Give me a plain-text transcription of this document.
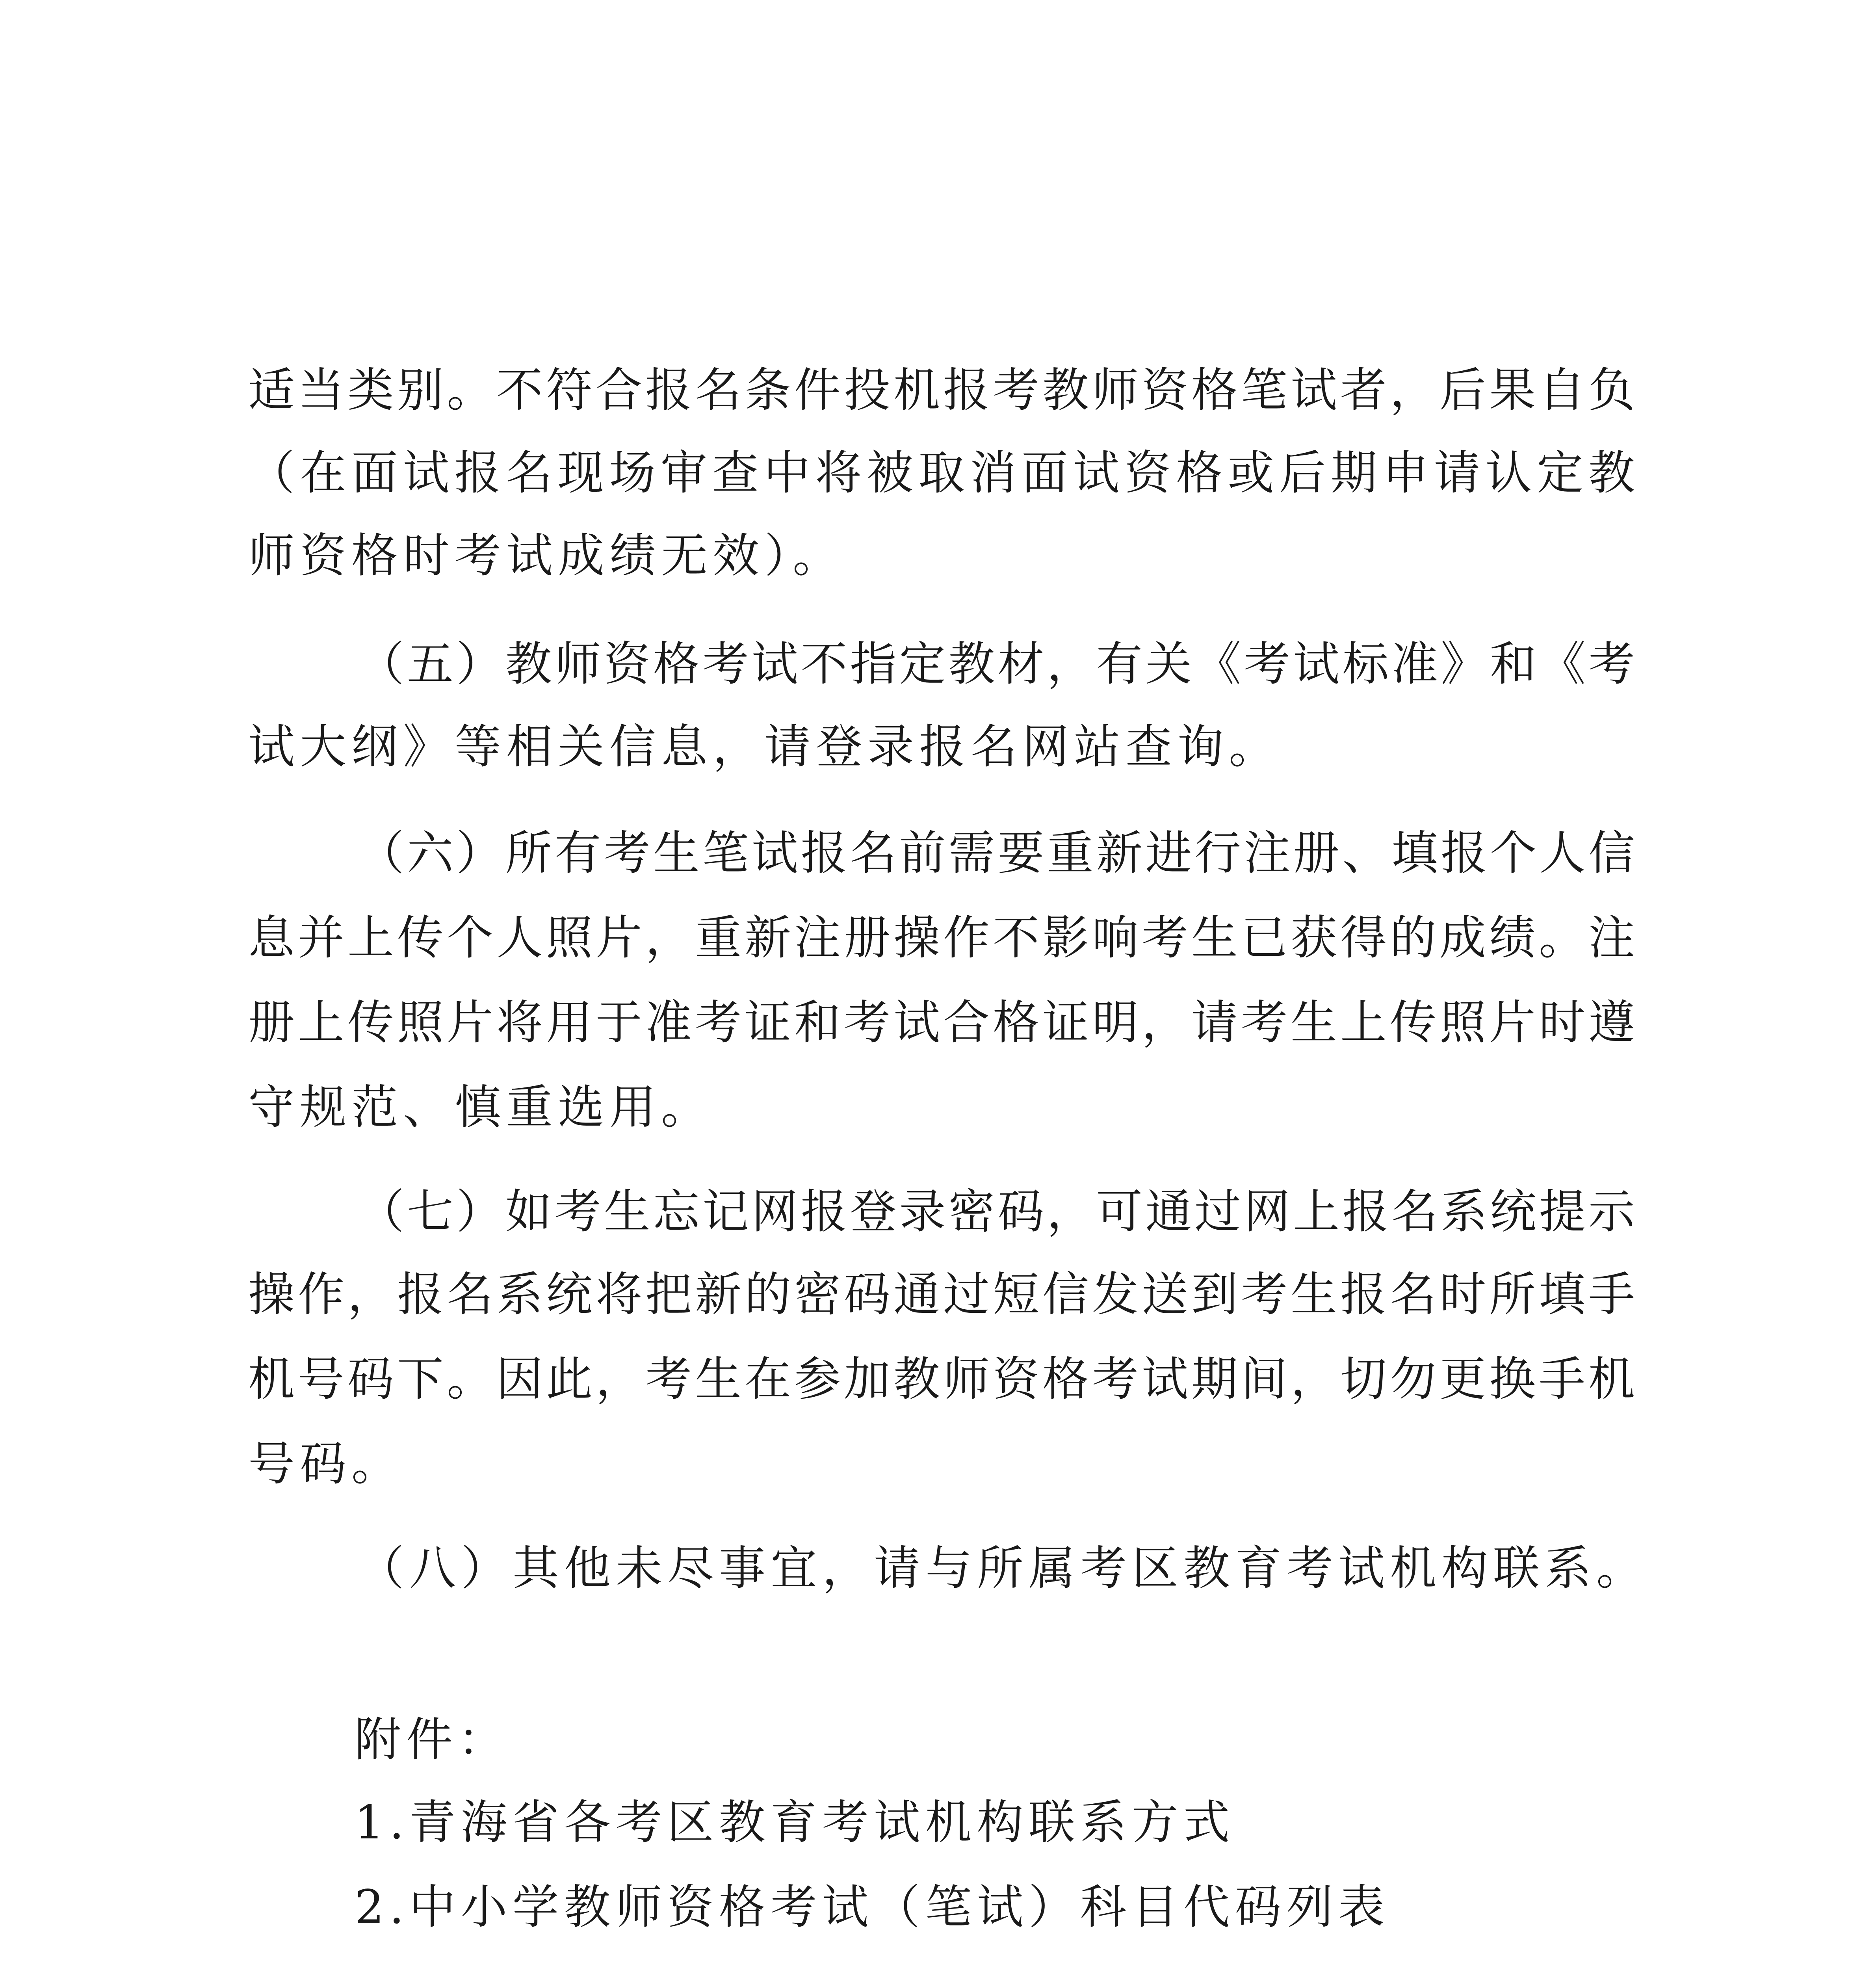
适当类别。不符合报名条件投机报考教师资格笔试者，后果自负
（在面试报名现场审查中将被取消面试资格或后期申请认定教
师资格时考试成绩无效）。
（五）教师资格考试不指定教材，有关《考试标准》和《考
试大纲》等相关信息，请登录报名网站查询。
（六）所有考生笔试报名前需要重新进行注册、填报个人信
息并上传个人照片，重新注册操作不影响考生已获得的成绩。注
册上传照片将用于准考证和考试合格证明，请考生上传照片时遵
守规范、慎重选用。
（七）如考生忘记网报登录密码，可通过网上报名系统提示
操作，报名系统将把新的密码通过短信发送到考生报名时所填手
机号码下。因此，考生在参加教师资格考试期间，切勿更换手机
号码。
（八）其他未尽事宜，请与所属考区教育考试机构联系。
附件：
1.青海省各考区教育考试机构联系方式
2.中小学教师资格考试（笔试）科目代码列表
